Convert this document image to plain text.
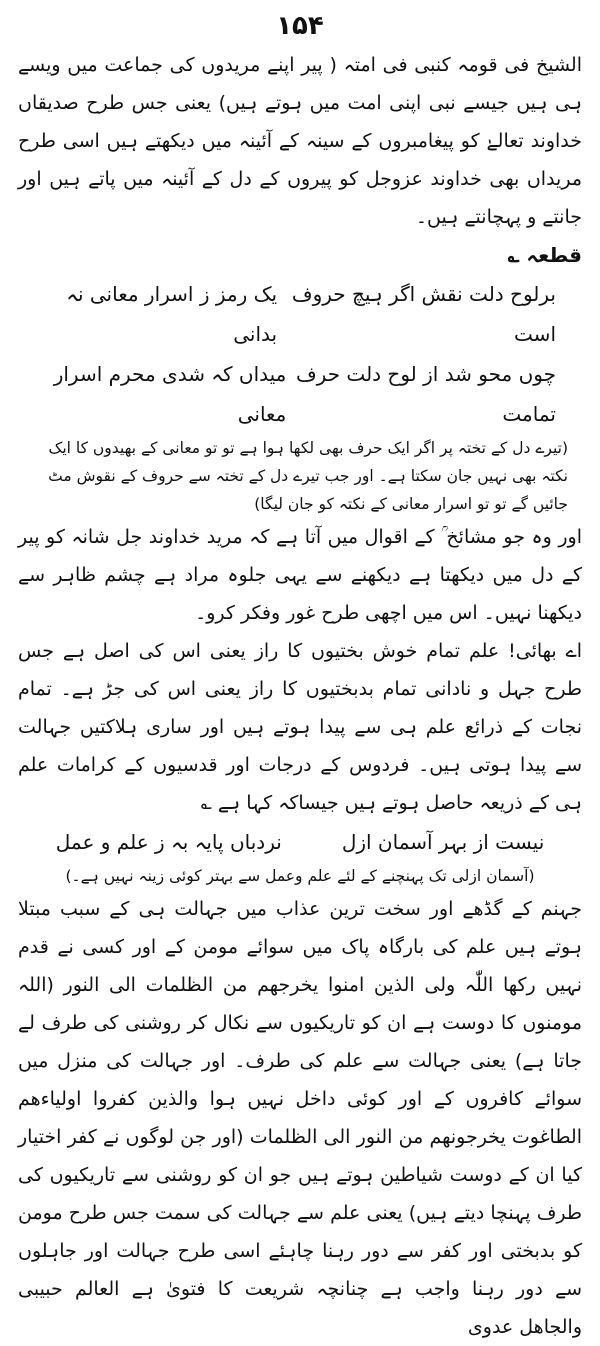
۱۵۴

الشیخ فی قومہ کنبی فی امتہ ( پیر اپنے مریدوں کی جماعت میں ویسے ہی ہیں جیسے نبی اپنی امت میں ہوتے ہیں) یعنی جس طرح صدیقاں خداوند تعالےٰ کو پیغامبروں کے سینہ کے آئینہ میں دیکھتے ہیں اسی طرح مریداں بھی خداوند عزوجل کو پیروں کے دل کے آئینہ میں پاتے ہیں اور جانتے و پہچانتے ہیں۔

قطعہ ؎

برلوح دلت نقش اگر ہیچ حروف است
یک رمز ز اسرار معانی نہ بدانی
چوں محو شد از لوح دلت حرف تمامت
میداں کہ شدی محرم اسرار معانی

(تیرے دل کے تختہ پر اگر ایک حرف بھی لکھا ہوا ہے تو تو معانی کے بھیدوں کا ایک نکتہ بھی نہیں جان سکتا ہے۔ اور جب تیرے دل کے تختہ سے حروف کے نقوش مٹ جائیں گے تو تو اسرار معانی کے نکتہ کو جان لیگا)

اور وہ جو مشائخ ؒ کے اقوال میں آتا ہے کہ مرید خداوند جل شانہ کو پیر کے دل میں دیکھتا ہے دیکھنے سے یہی جلوہ مراد ہے چشم ظاہر سے دیکھنا نہیں۔ اس میں اچھی طرح غور وفکر کرو۔

اے بھائی! علم تمام خوش بختیوں کا راز یعنی اس کی اصل ہے جس طرح جہل و نادانی تمام بدبختیوں کا راز یعنی اس کی جڑ ہے۔ تمام نجات کے ذرائع علم ہی سے پیدا ہوتے ہیں اور ساری ہلاکتیں جہالت سے پیدا ہوتی ہیں۔ فردوس کے درجات اور قدسیوں کے کرامات علم ہی کے ذریعہ حاصل ہوتے ہیں جیساکہ کہا ہے ؎

نیست از بہر آسمان ازل
نردباں پایہ بہ ز علم و عمل

(آسمان ازلی تک پہنچنے کے لئے علم وعمل سے بہتر کوئی زینہ نہیں ہے۔)

جہنم کے گڈھے اور سخت ترین عذاب میں جہالت ہی کے سبب مبتلا ہوتے ہیں علم کی بارگاہ پاک میں سوائے مومن کے اور کسی نے قدم نہیں رکھا اللّٰہ ولی الذین امنوا یخرجھم من الظلمات الی النور (اللہ مومنوں کا دوست ہے ان کو تاریکیوں سے نکال کر روشنی کی طرف لے جاتا ہے) یعنی جہالت سے علم کی طرف۔ اور جہالت کی منزل میں سوائے کافروں کے اور کوئی داخل نہیں ہوا والذین کفروا اولیاءھم الطاغوت یخرجونھم من النور الی الظلمات (اور جن لوگوں نے کفر اختیار کیا ان کے دوست شیاطین ہوتے ہیں جو ان کو روشنی سے تاریکیوں کی طرف پہنچا دیتے ہیں) یعنی علم سے جہالت کی سمت جس طرح مومن کو بدبختی اور کفر سے دور رہنا چاہئے اسی طرح جہالت اور جاہلوں سے دور رہنا واجب ہے چنانچہ شریعت کا فتویٰ ہے العالم حبیبی والجاھل عدوی
